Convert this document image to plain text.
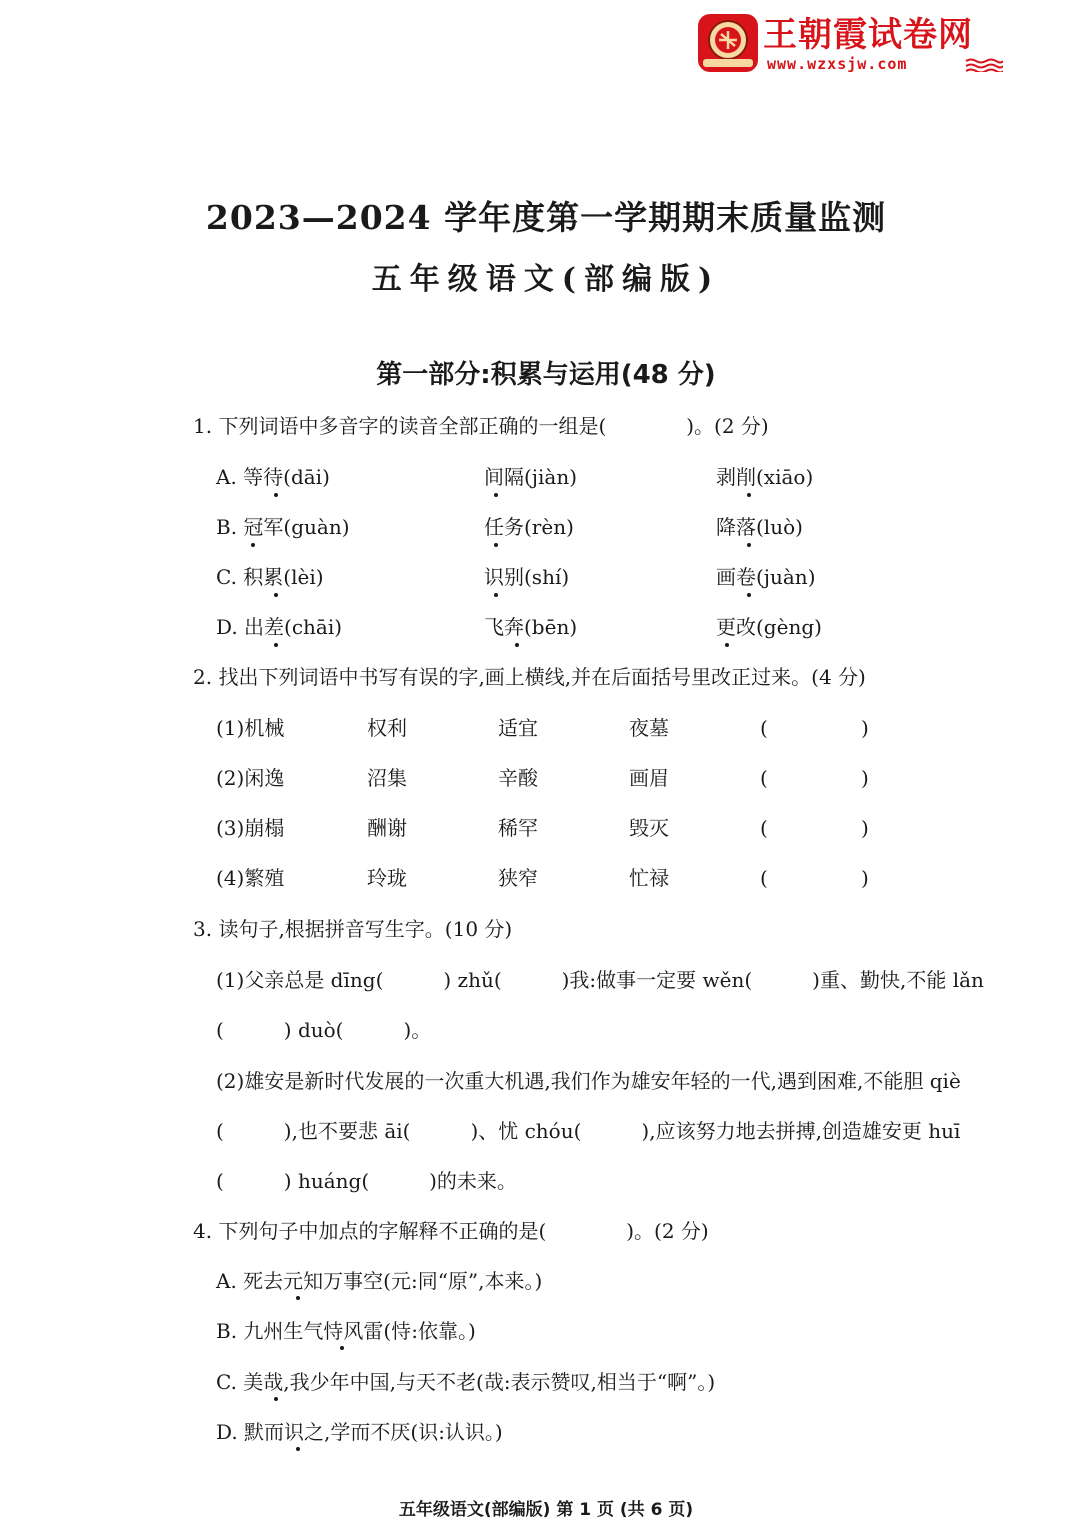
王朝霞试卷网
www.wzxsjw.com
2023—2024 学年度第一学期期末质量监测
五年级语文(部编版)
第一部分:积累与运用(48 分)
1. 下列词语中多音字的读音全部正确的一组是(　　　　)。(2 分)
A. 等待(dāi)	间隔(jiàn)	剥削(xiāo)
B. 冠军(guàn)	任务(rèn)	降落(luò)
C. 积累(lèi)	识别(shí)	画卷(juàn)
D. 出差(chāi)	飞奔(bēn)	更改(gèng)
2. 找出下列词语中书写有误的字,画上横线,并在后面括号里改正过来。(4 分)
(1)机械	权利	适宜	夜墓	(	)
(2)闲逸	沼集	辛酸	画眉	(	)
(3)崩榻	酬谢	稀罕	毁灭	(	)
(4)繁殖	玲珑	狭窄	忙禄	(	)
3. 读句子,根据拼音写生字。(10 分)
(1)父亲总是 dīng(　　　) zhǔ(　　　)我:做事一定要 wěn(　　　)重、勤快,不能 lǎn
(　　　) duò(　　　)。
(2)雄安是新时代发展的一次重大机遇,我们作为雄安年轻的一代,遇到困难,不能胆 qiè
(　　　),也不要悲 āi(　　　)、忧 chóu(　　　),应该努力地去拼搏,创造雄安更 huī
(　　　) huáng(　　　)的未来。
4. 下列句子中加点的字解释不正确的是(　　　　)。(2 分)
A. 死去元知万事空(元:同“原”,本来。)
B. 九州生气恃风雷(恃:依靠。)
C. 美哉,我少年中国,与天不老(哉:表示赞叹,相当于“啊”。)
D. 默而识之,学而不厌(识:认识。)
五年级语文(部编版) 第 1 页 (共 6 页)
